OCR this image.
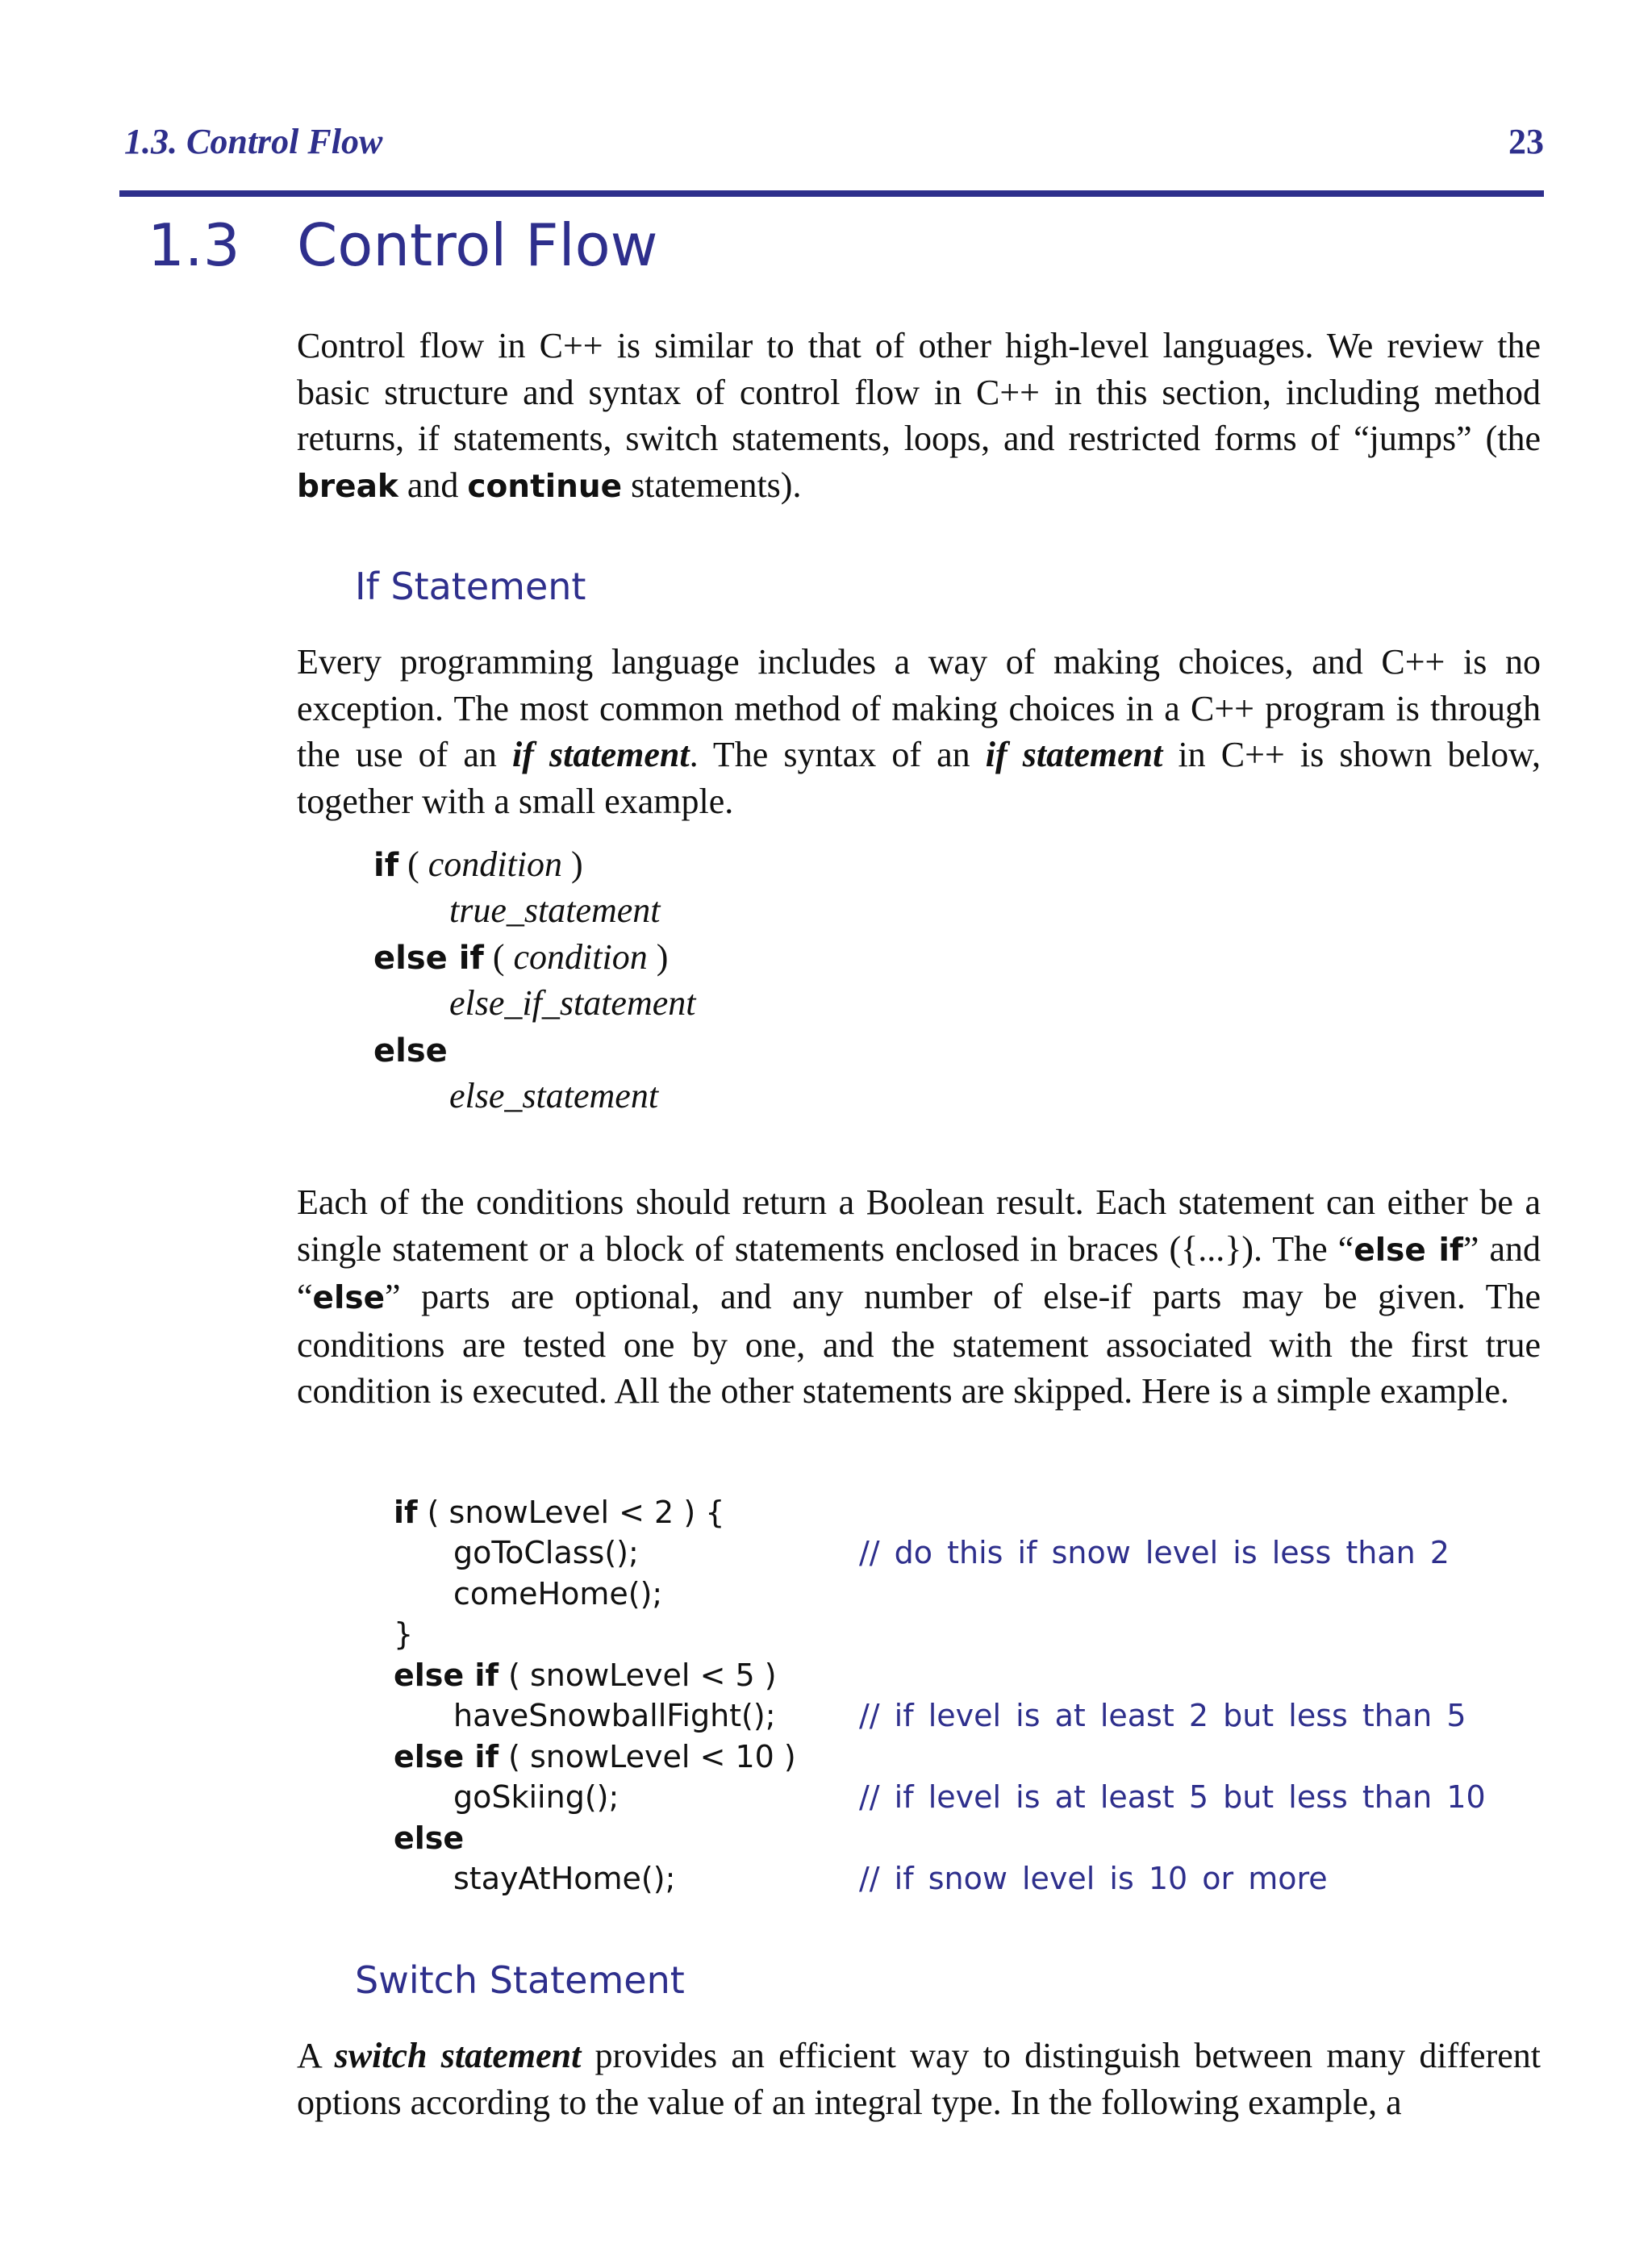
1.3. Control Flow	23
1.3 Control Flow

Control flow in C++ is similar to that of other high-level languages. We review the basic structure and syntax of control flow in C++ in this section, including method returns, if statements, switch statements, loops, and restricted forms of “jumps” (the break and continue statements).

If Statement

Every programming language includes a way of making choices, and C++ is no exception. The most common method of making choices in a C++ program is through the use of an if statement. The syntax of an if statement in C++ is shown below, together with a small example.

if ( condition )
true_statement
else if ( condition )
else_if_statement
else
else_statement

Each of the conditions should return a Boolean result. Each statement can either be a single statement or a block of statements enclosed in braces ({...}). The “else if” and “else” parts are optional, and any number of else-if parts may be given. The conditions are tested one by one, and the statement associated with the first true condition is executed. All the other statements are skipped. Here is a simple example.

if ( snowLevel < 2 ) {
goToClass();	// do this if snow level is less than 2
comeHome();
}
else if ( snowLevel < 5 )
haveSnowballFight();	// if level is at least 2 but less than 5
else if ( snowLevel < 10 )
goSkiing();	// if level is at least 5 but less than 10
else
stayAtHome();	// if snow level is 10 or more
Switch Statement

A switch statement provides an efficient way to distinguish between many different options according to the value of an integral type. In the following example, a
